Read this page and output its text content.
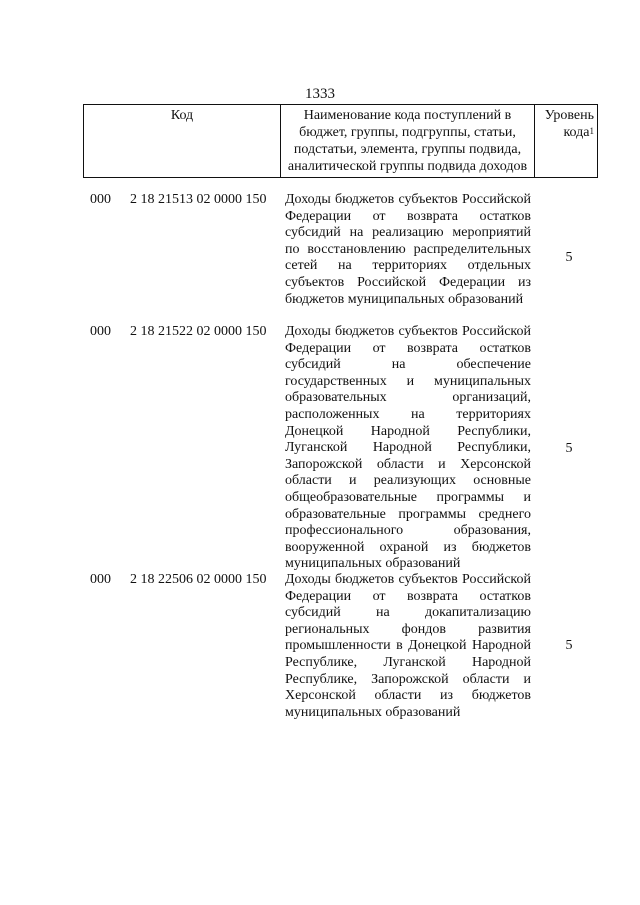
1333
Код	Наименование кода поступлений в бюджет, группы, подгруппы, статьи, подстатьи, элемента, группы подвида, аналитической группы подвида доходов	Уровень кода$^1$
000 2 18 21513 02 0000 150 Доходы бюджетов субъектов Российской Федерации от возврата остатков субсидий на реализацию мероприятий по восстановлению распределительных сетей на территориях отдельных субъектов Российской Федерации из бюджетов муниципальных образований
5
000 2 18 21522 02 0000 150 Доходы бюджетов субъектов Российской Федерации от возврата остатков субсидий на обеспечение государственных и муниципальных образовательных организаций, расположенных на территориях Донецкой Народной Республики, Луганской Народной Республики, Запорожской области и Херсонской области и реализующих основные общеобразовательные программы и образовательные программы среднего профессионального образования, вооруженной охраной из бюджетов муниципальных образований
5
000 2 18 22506 02 0000 150 Доходы бюджетов субъектов Российской Федерации от возврата остатков субсидий на докапитализацию региональных фондов развития промышленности в Донецкой Народной Республике, Луганской Народной Республике, Запорожской области и Херсонской области из бюджетов муниципальных образований
5
